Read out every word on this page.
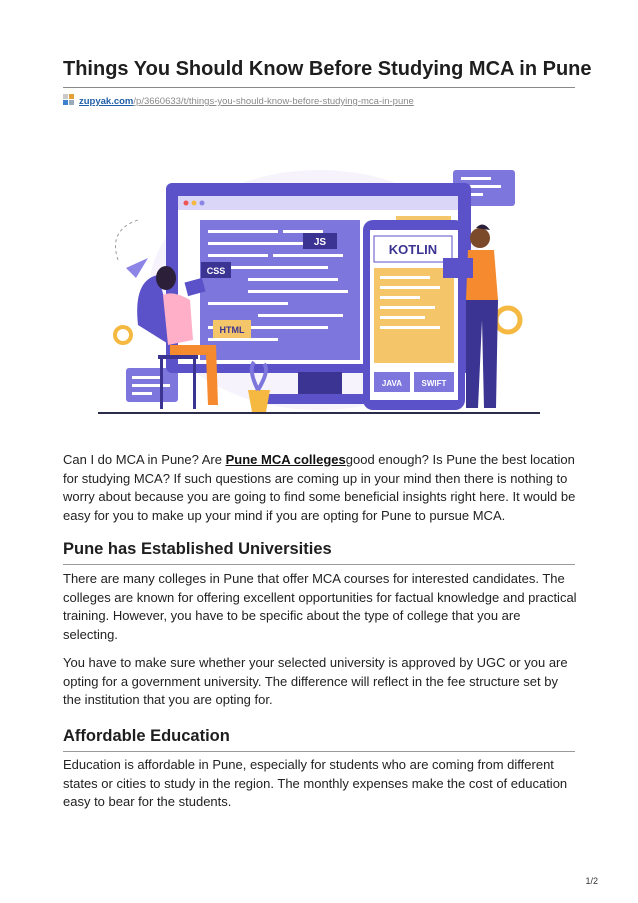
Things You Should Know Before Studying MCA in Pune
zupyak.com/p/3660633/t/things-you-should-know-before-studying-mca-in-pune
JS
CSS
HTML
KOTLIN
JAVA SWIFT

Can I do MCA in Pune? Are Pune MCA collegesgood enough? Is Pune the best location for studying MCA? If such questions are coming up in your mind then there is nothing to worry about because you are going to find some beneficial insights right here. It would be easy for you to make up your mind if you are opting for Pune to pursue MCA.

Pune has Established Universities

There are many colleges in Pune that offer MCA courses for interested candidates. The colleges are known for offering excellent opportunities for factual knowledge and practical training. However, you have to be specific about the type of college that you are selecting.

You have to make sure whether your selected university is approved by UGC or you are opting for a government university. The difference will reflect in the fee structure set by the institution that you are opting for.

Affordable Education

Education is affordable in Pune, especially for students who are coming from different states or cities to study in the region. The monthly expenses make the cost of education easy to bear for the students.

1/2
